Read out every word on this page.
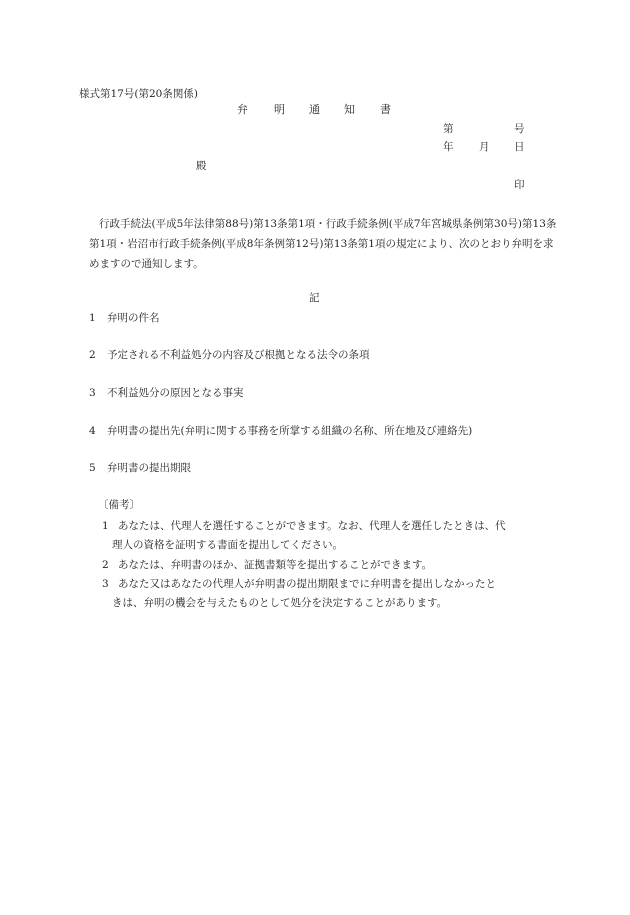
様式第17号(第20条関係)
弁 明 通 知 書
第	号
年 月 日
殿
印
行政手続法(平成5年法律第88号)第13条第1項・行政手続条例(平成7年宮城県条例第30号)第13条第1項・岩沼市行政手続条例(平成8年条例第12号)第13条第1項の規定により、次のとおり弁明を求めますので通知します。
記
1 弁明の件名
2 予定される不利益処分の内容及び根拠となる法令の条項
3 不利益処分の原因となる事実
4 弁明書の提出先(弁明に関する事務を所掌する組織の名称、所在地及び連絡先)
5 弁明書の提出期限
〔備考〕
1 あなたは、代理人を選任することができます。なお、代理人を選任したときは、代
理人の資格を証明する書面を提出してください。
2 あなたは、弁明書のほか、証拠書類等を提出することができます。
3 あなた又はあなたの代理人が弁明書の提出期限までに弁明書を提出しなかったと
きは、弁明の機会を与えたものとして処分を決定することがあります。
